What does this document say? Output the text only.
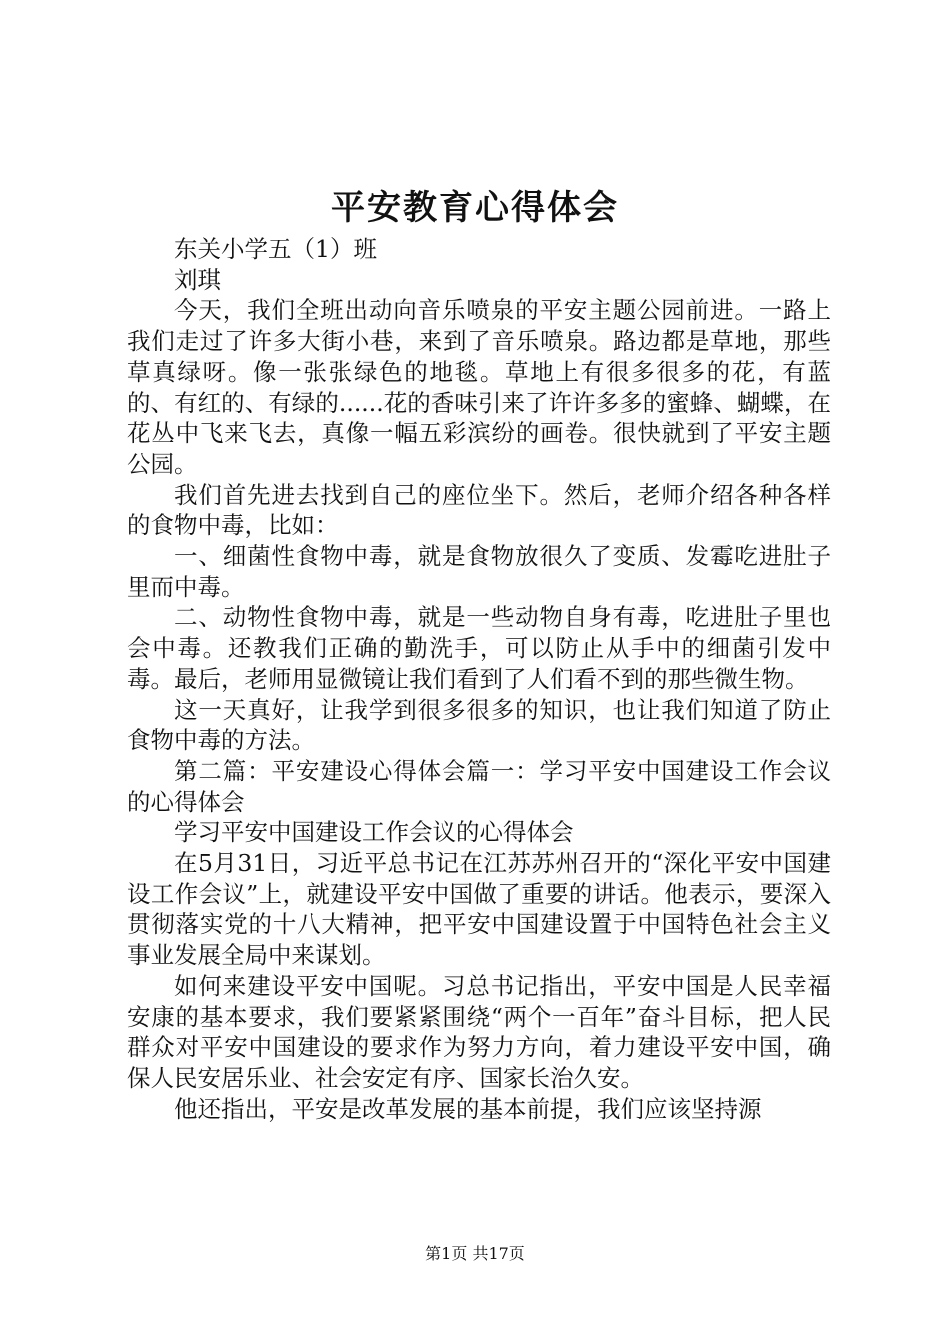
平安教育心得体会

东关小学五（1）班

刘琪

今天，我们全班出动向音乐喷泉的平安主题公园前进。一路上我们走过了许多大街小巷，来到了音乐喷泉。路边都是草地，那些草真绿呀。像一张张绿色的地毯。草地上有很多很多的花，有蓝的、有红的、有绿的......花的香味引来了许许多多的蜜蜂、蝴蝶，在花丛中飞来飞去，真像一幅五彩滨纷的画卷。很快就到了平安主题公园。

我们首先进去找到自己的座位坐下。然后，老师介绍各种各样的食物中毒，比如：

一、细菌性食物中毒，就是食物放很久了变质、发霉吃进肚子里而中毒。

二、动物性食物中毒，就是一些动物自身有毒，吃进肚子里也会中毒。还教我们正确的勤洗手，可以防止从手中的细菌引发中毒。最后，老师用显微镜让我们看到了人们看不到的那些微生物。

这一天真好，让我学到很多很多的知识，也让我们知道了防止食物中毒的方法。

第二篇：平安建设心得体会篇一：学习平安中国建设工作会议的心得体会

学习平安中国建设工作会议的心得体会

在5月31日，习近平总书记在江苏苏州召开的“深化平安中国建设工作会议”上，就建设平安中国做了重要的讲话。他表示，要深入贯彻落实党的十八大精神，把平安中国建设置于中国特色社会主义事业发展全局中来谋划。

如何来建设平安中国呢。习总书记指出，平安中国是人民幸福安康的基本要求，我们要紧紧围绕“两个一百年”奋斗目标，把人民群众对平安中国建设的要求作为努力方向，着力建设平安中国，确保人民安居乐业、社会安定有序、国家长治久安。

他还指出，平安是改革发展的基本前提，我们应该坚持源

第1页 共17页
